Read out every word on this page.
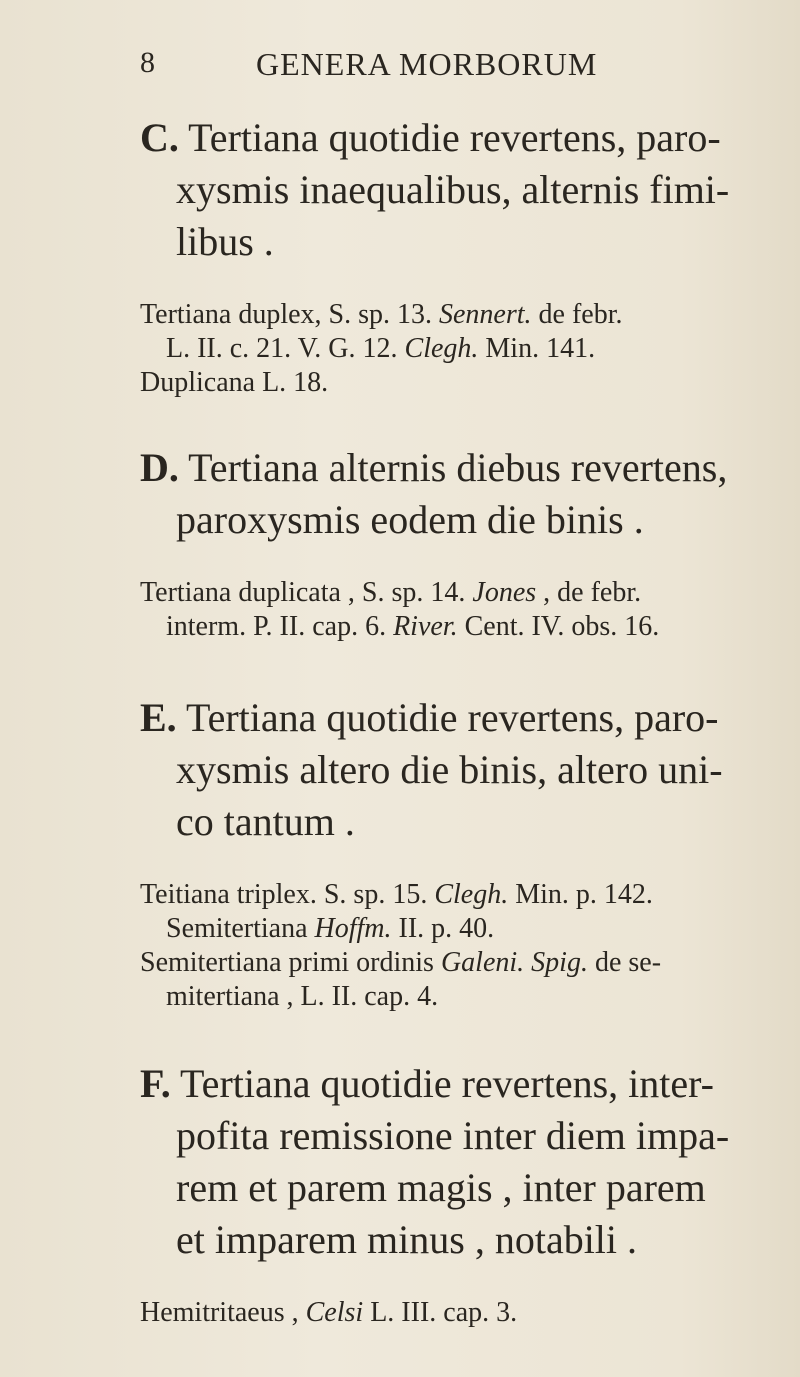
8	GENERA MORBORUM

C. Tertiana quotidie revertens, paro-

xysmis inaequalibus, alternis fimi-

libus .

Tertiana duplex, S. sp. 13. Sennert. de febr.

L. II. c. 21. V. G. 12. Clegh. Min. 141.

Duplicana L. 18.

D. Tertiana alternis diebus revertens,

paroxysmis eodem die binis .

Tertiana duplicata , S. sp. 14. Jones , de febr.

interm. P. II. cap. 6. River. Cent. IV. obs. 16.

E. Tertiana quotidie revertens, paro-

xysmis altero die binis, altero uni-

co tantum .

Teitiana triplex. S. sp. 15. Clegh. Min. p. 142.

Semitertiana Hoffm. II. p. 40.

Semitertiana primi ordinis Galeni. Spig. de se-

mitertiana , L. II. cap. 4.

F. Tertiana quotidie revertens, inter-

pofita remissione inter diem impa-

rem et parem magis , inter parem

et imparem minus , notabili .

Hemitritaeus , Celsi L. III. cap. 3.
